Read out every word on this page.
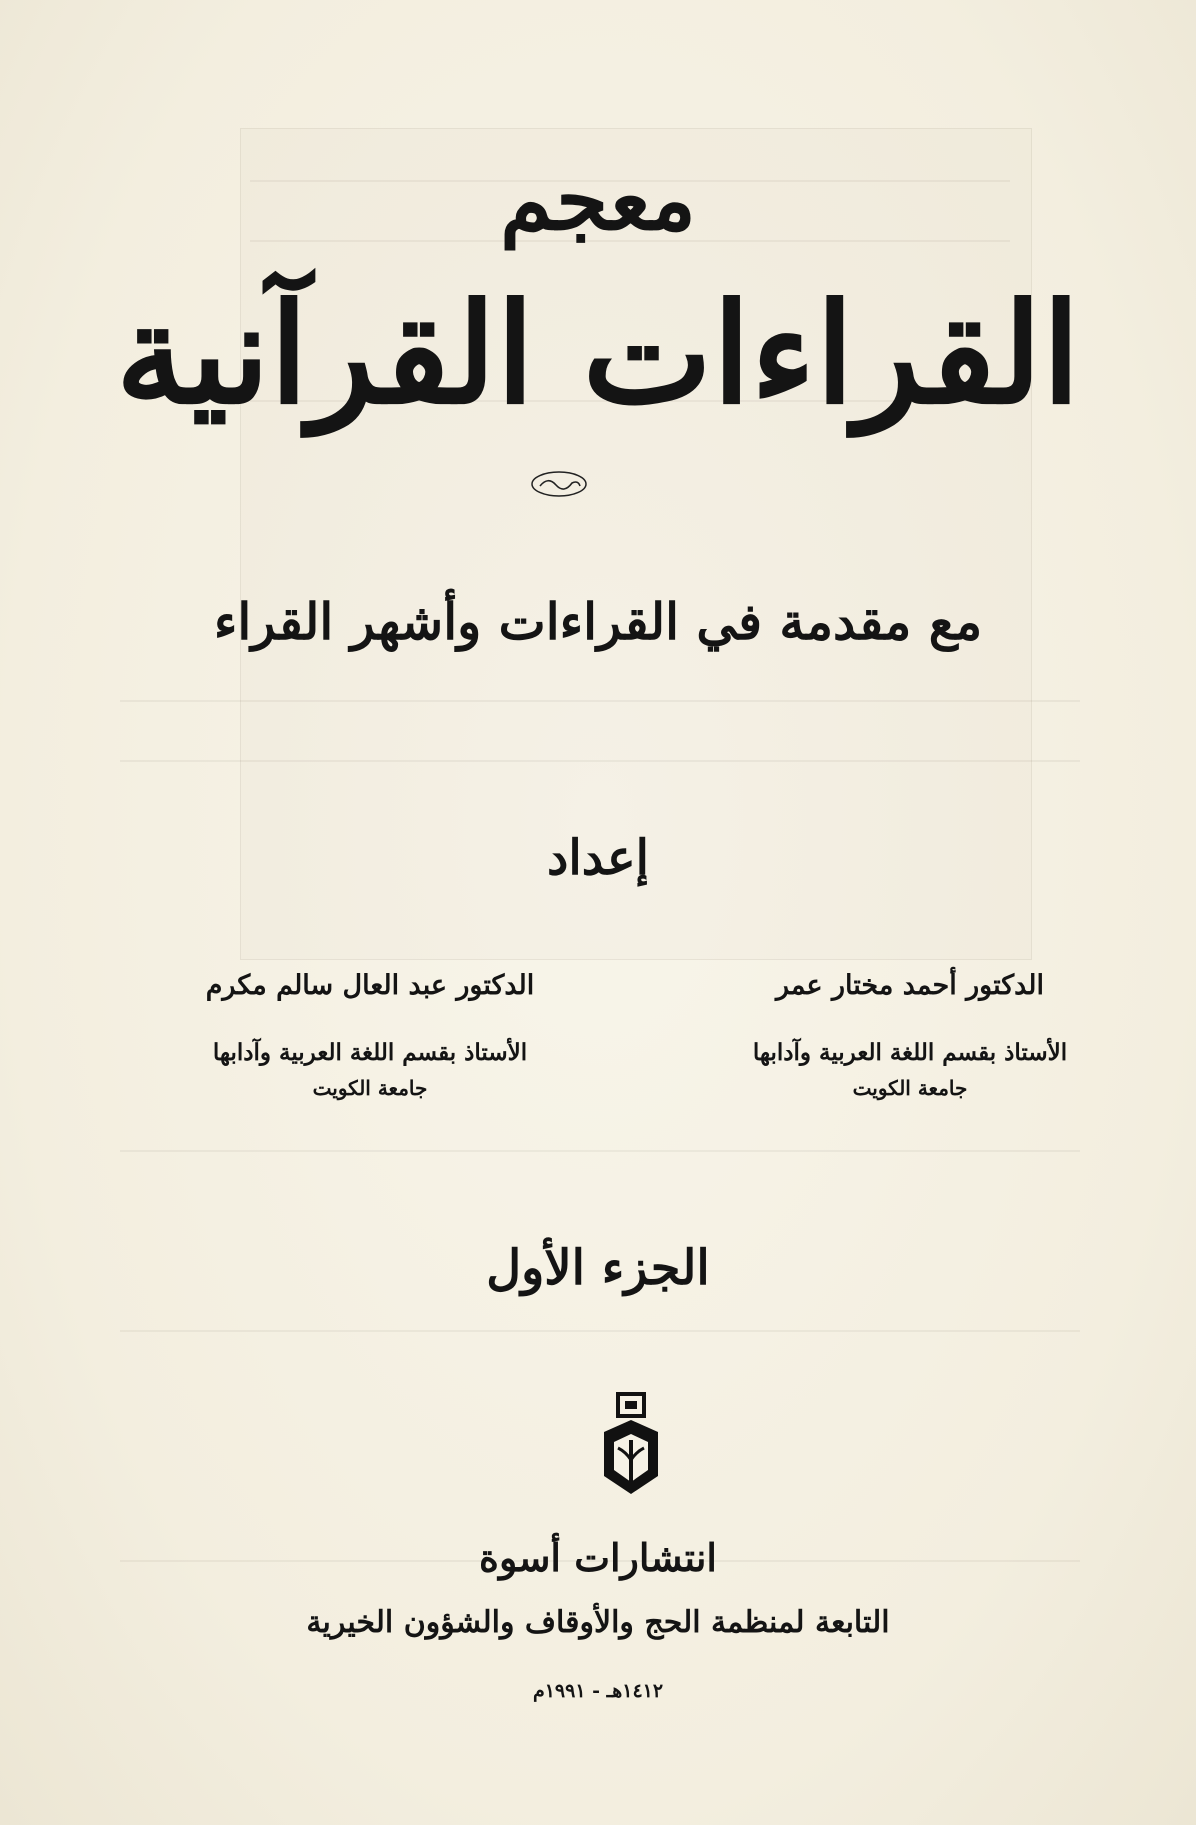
معجم
القراءات القرآنية
مع مقدمة في القراءات وأشهر القراء
إعداد
الدكتور أحمد مختار عمر
الأستاذ بقسم اللغة العربية وآدابها
جامعة الكويت
الدكتور عبد العال سالم مكرم
الأستاذ بقسم اللغة العربية وآدابها
جامعة الكويت
الجزء الأول
انتشارات أسوة
التابعة لمنظمة الحج والأوقاف والشؤون الخيرية
١٤١٢هـ - ١٩٩١م
